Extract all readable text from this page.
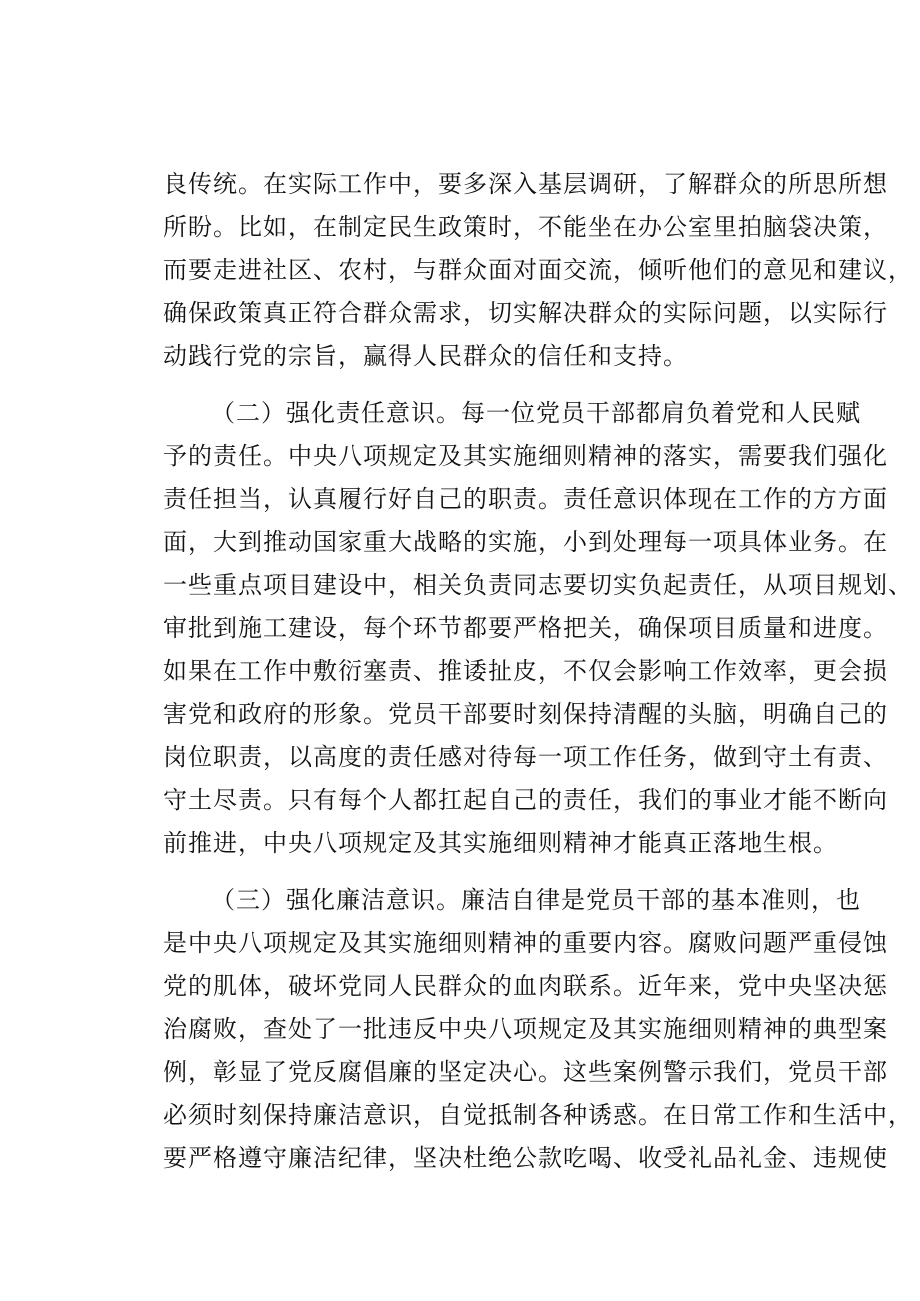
良传统。在实际工作中，要多深入基层调研，了解群众的所思所想
所盼。比如，在制定民生政策时，不能坐在办公室里拍脑袋决策，
而要走进社区、农村，与群众面对面交流，倾听他们的意见和建议，
确保政策真正符合群众需求，切实解决群众的实际问题，以实际行
动践行党的宗旨，赢得人民群众的信任和支持。
（二）强化责任意识。每一位党员干部都肩负着党和人民赋
予的责任。中央八项规定及其实施细则精神的落实，需要我们强化
责任担当，认真履行好自己的职责。责任意识体现在工作的方方面
面，大到推动国家重大战略的实施，小到处理每一项具体业务。在
一些重点项目建设中，相关负责同志要切实负起责任，从项目规划、
审批到施工建设，每个环节都要严格把关，确保项目质量和进度。
如果在工作中敷衍塞责、推诿扯皮，不仅会影响工作效率，更会损
害党和政府的形象。党员干部要时刻保持清醒的头脑，明确自己的
岗位职责，以高度的责任感对待每一项工作任务，做到守土有责、
守土尽责。只有每个人都扛起自己的责任，我们的事业才能不断向
前推进，中央八项规定及其实施细则精神才能真正落地生根。
（三）强化廉洁意识。廉洁自律是党员干部的基本准则，也
是中央八项规定及其实施细则精神的重要内容。腐败问题严重侵蚀
党的肌体，破坏党同人民群众的血肉联系。近年来，党中央坚决惩
治腐败，查处了一批违反中央八项规定及其实施细则精神的典型案
例，彰显了党反腐倡廉的坚定决心。这些案例警示我们，党员干部
必须时刻保持廉洁意识，自觉抵制各种诱惑。在日常工作和生活中，
要严格遵守廉洁纪律，坚决杜绝公款吃喝、收受礼品礼金、违规使
